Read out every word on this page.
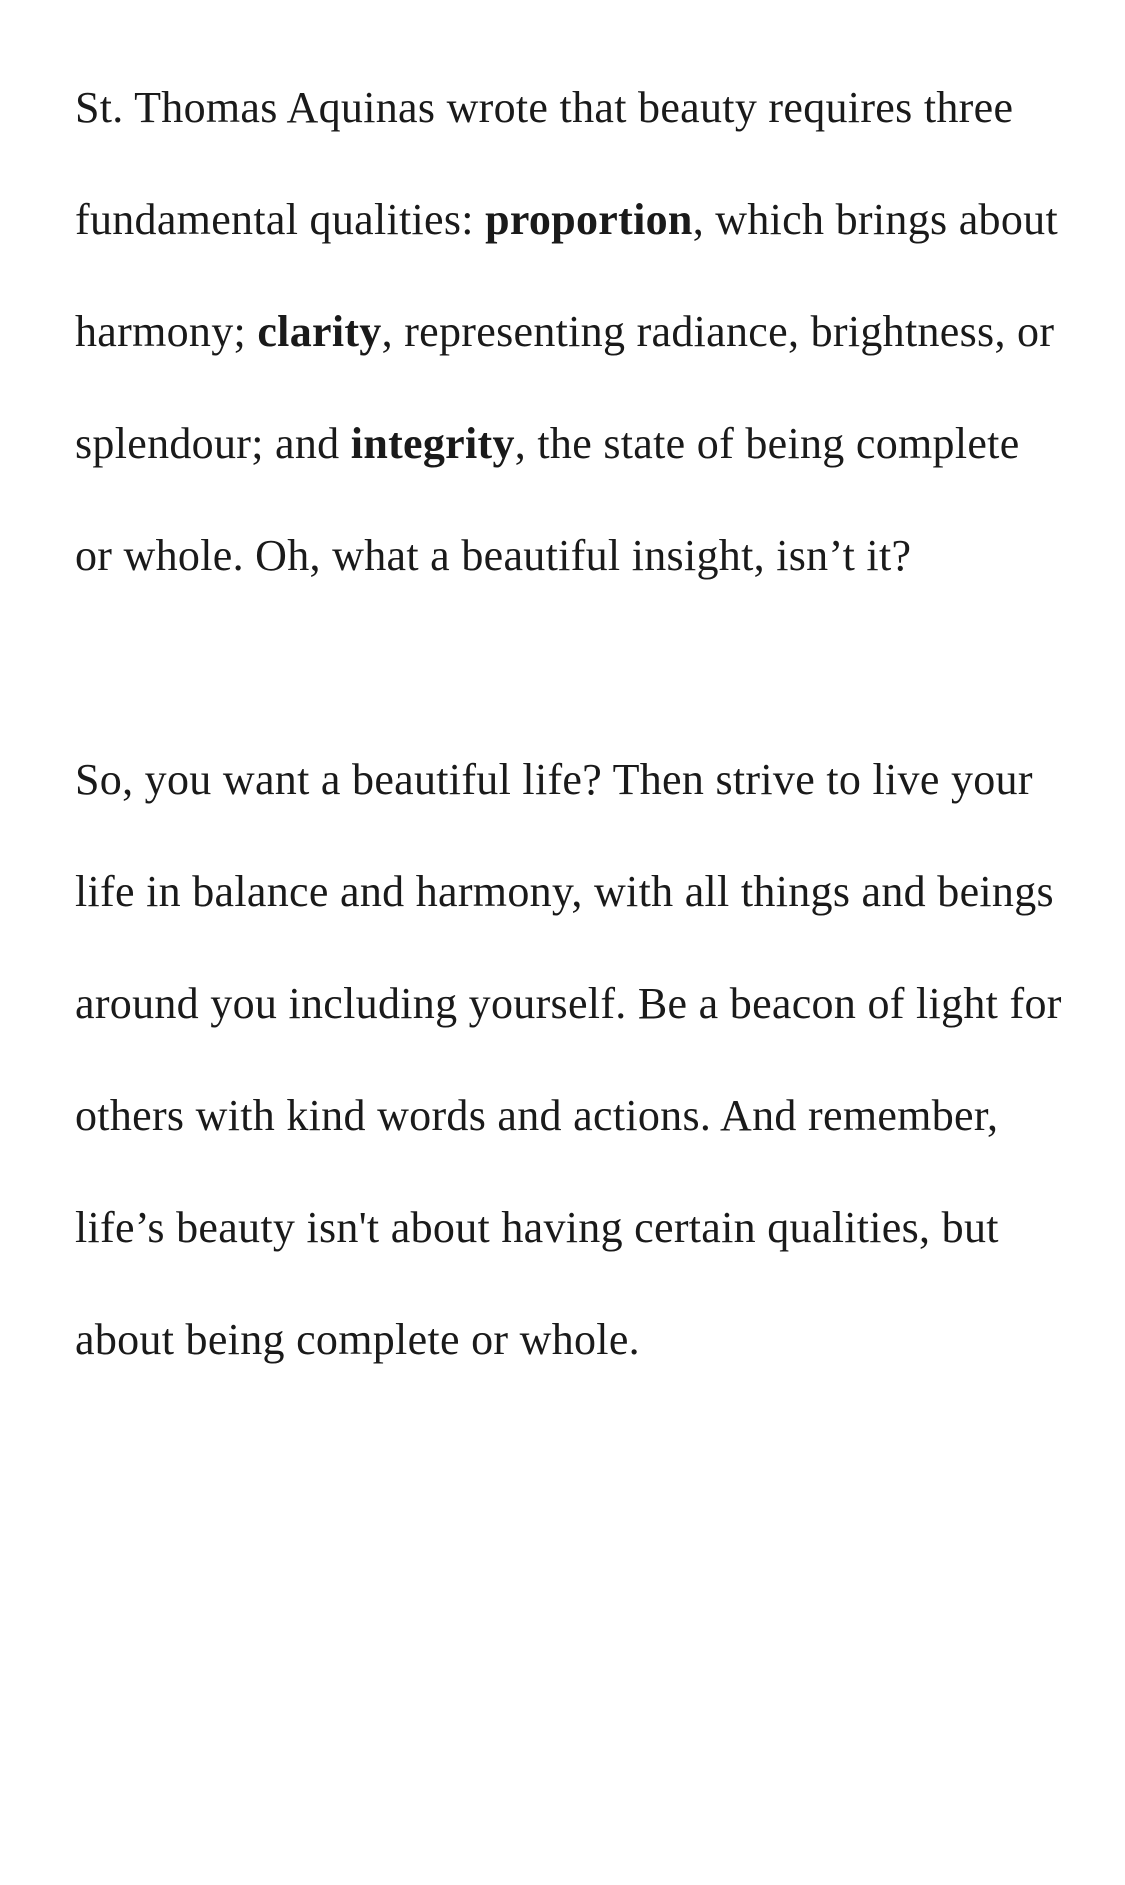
St. Thomas Aquinas wrote that beauty requires three fundamental qualities: proportion, which brings about harmony; clarity, representing radiance, brightness, or splendour; and integrity, the state of being complete or whole. Oh, what a beautiful insight, isn’t it?

So, you want a beautiful life? Then strive to live your life in balance and harmony, with all things and beings around you including yourself. Be a beacon of light for others with kind words and actions. And remember, life’s beauty isn't about having certain qualities, but about being complete or whole.
